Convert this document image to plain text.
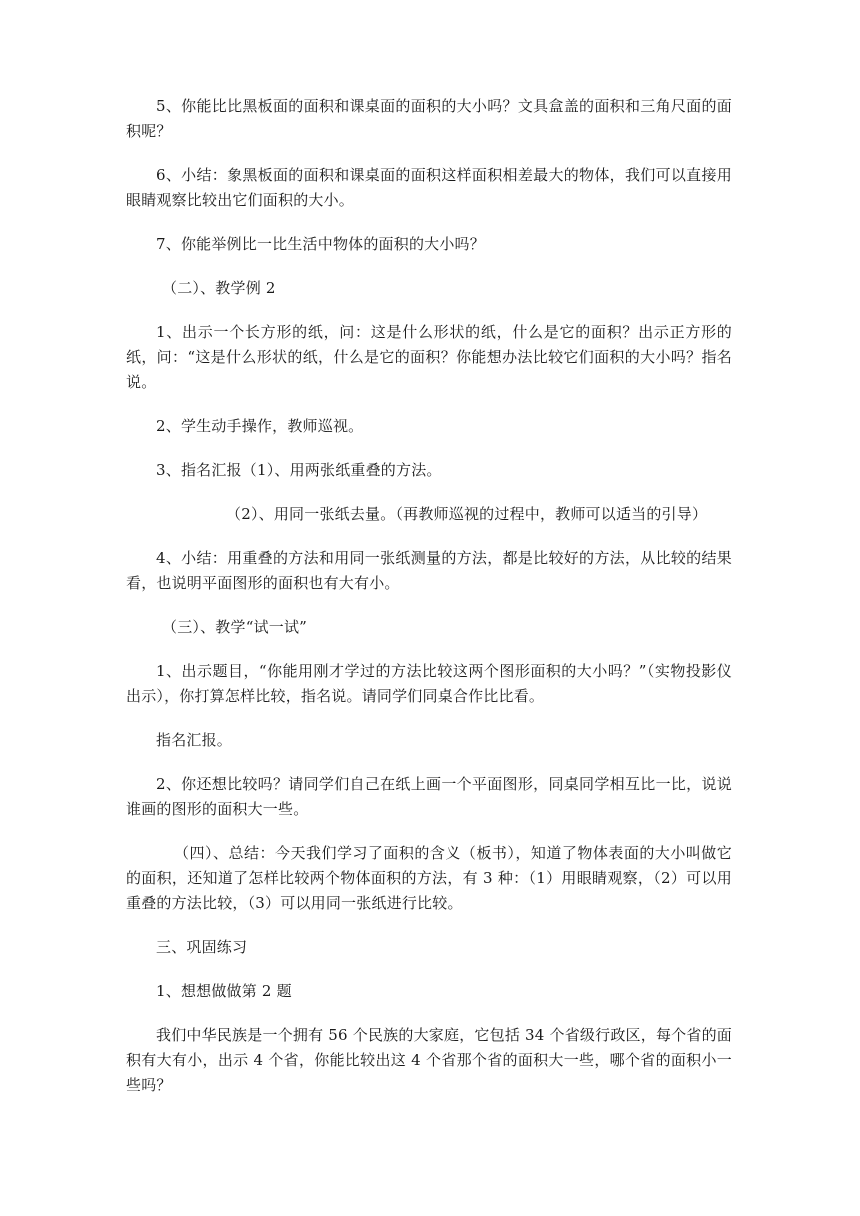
5、你能比比黑板面的面积和课桌面的面积的大小吗？文具盒盖的面积和三角尺面的面积呢？

6、小结：象黑板面的面积和课桌面的面积这样面积相差最大的物体，我们可以直接用眼睛观察比较出它们面积的大小。

7、你能举例比一比生活中物体的面积的大小吗？

（二）、教学例 2

1、出示一个长方形的纸，问：这是什么形状的纸，什么是它的面积？出示正方形的纸，问：“这是什么形状的纸，什么是它的面积？你能想办法比较它们面积的大小吗？指名说。

2、学生动手操作，教师巡视。

3、指名汇报（1）、用两张纸重叠的方法。

（2）、用同一张纸去量。（再教师巡视的过程中，教师可以适当的引导）

4、小结：用重叠的方法和用同一张纸测量的方法，都是比较好的方法，从比较的结果看，也说明平面图形的面积也有大有小。

（三）、教学“试一试”

1、出示题目，“你能用刚才学过的方法比较这两个图形面积的大小吗？”（实物投影仪出示），你打算怎样比较，指名说。请同学们同桌合作比比看。

指名汇报。

2、你还想比较吗？请同学们自己在纸上画一个平面图形，同桌同学相互比一比，说说谁画的图形的面积大一些。

（四）、总结：今天我们学习了面积的含义（板书），知道了物体表面的大小叫做它的面积，还知道了怎样比较两个物体面积的方法，有 3 种：（1）用眼睛观察，（2）可以用重叠的方法比较，（3）可以用同一张纸进行比较。

三、巩固练习

1、想想做做第 2 题

我们中华民族是一个拥有 56 个民族的大家庭，它包括 34 个省级行政区，每个省的面积有大有小，出示 4 个省，你能比较出这 4 个省那个省的面积大一些，哪个省的面积小一些吗？
